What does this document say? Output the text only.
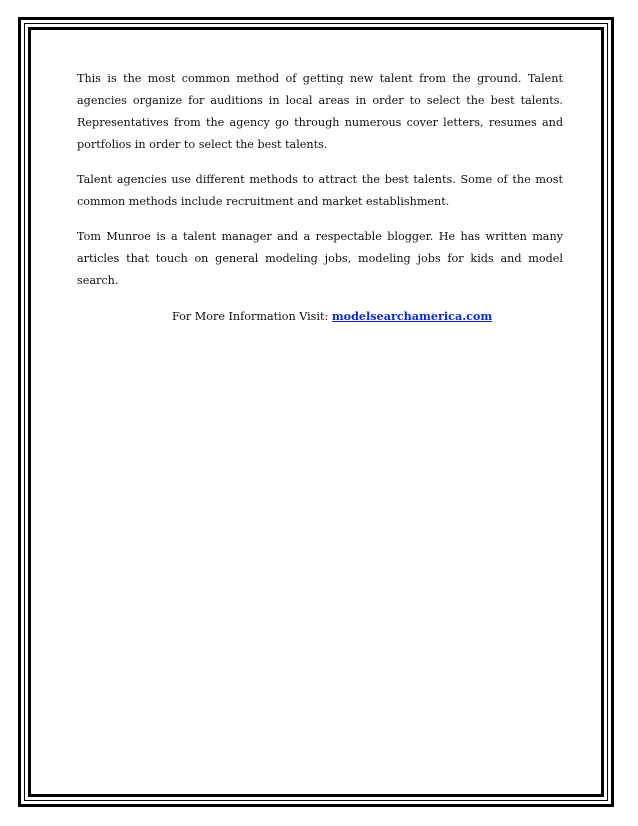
This is the most common method of getting new talent from the ground. Talent agencies organize for auditions in local areas in order to select the best talents. Representatives from the agency go through numerous cover letters, resumes and portfolios in order to select the best talents.

Talent agencies use different methods to attract the best talents. Some of the most common methods include recruitment and market establishment.

Tom Munroe is a talent manager and a respectable blogger. He has written many articles that touch on general modeling jobs, modeling jobs for kids and model search.

For More Information Visit: modelsearchamerica.com
